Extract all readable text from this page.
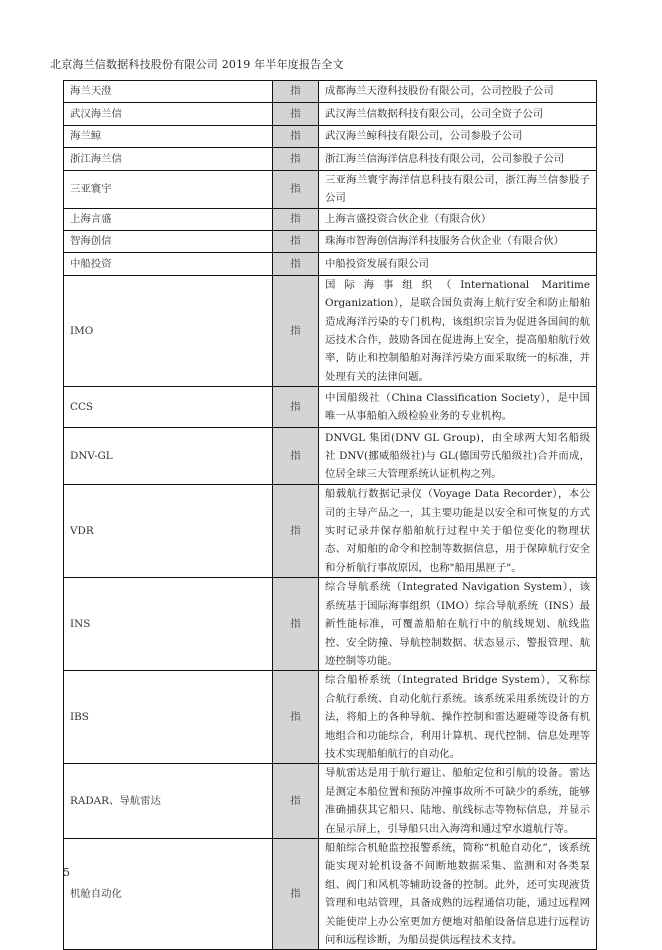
北京海兰信数据科技股份有限公司 2019 年半年度报告全文
海兰天澄	指	成都海兰天澄科技股份有限公司，公司控股子公司
武汉海兰信	指	武汉海兰信数据科技有限公司，公司全资子公司
海兰鲸	指	武汉海兰鲸科技有限公司，公司参股子公司
浙江海兰信	指	浙江海兰信海洋信息科技有限公司，公司参股子公司
三亚寰宇	指	三亚海兰寰宇海洋信息科技有限公司，浙江海兰信参股子公司
上海言盛	指	上海言盛投资合伙企业（有限合伙）
智海创信	指	珠海市智海创信海洋科技服务合伙企业（有限合伙）
中船投资	指	中船投资发展有限公司
IMO	指	国际海事组织（International Maritime Organization），是联合国负责海上航行安全和防止船舶造成海洋污染的专门机构，该组织宗旨为促进各国间的航运技术合作，鼓励各国在促进海上安全，提高船舶航行效率，防止和控制船舶对海洋污染方面采取统一的标准，并处理有关的法律问题。
CCS	指	中国船级社（China Classification Society），是中国唯一从事船舶入级检验业务的专业机构。
DNV-GL	指	DNVGL 集团(DNV GL Group)，由全球两大知名船级社 DNV(挪威船级社)与 GL(德国劳氏船级社)合并而成，位居全球三大管理系统认证机构之列。
VDR	指	船载航行数据记录仪（Voyage Data Recorder），本公司的主导产品之一，其主要功能是以安全和可恢复的方式实时记录并保存船舶航行过程中关于船位变化的物理状态、对船舶的命令和控制等数据信息，用于保障航行安全和分析航行事故原因，也称"船用黑匣子"。
INS	指	综合导航系统（Integrated Navigation System），该系统基于国际海事组织（IMO）综合导航系统（INS）最新性能标准，可覆盖船舶在航行中的航线规划、航线监控、安全防撞、导航控制数据、状态显示、警报管理、航迹控制等功能。
IBS	指	综合船桥系统（Integrated Bridge System），又称综合航行系统、自动化航行系统。该系统采用系统设计的方法，将船上的各种导航、操作控制和雷达避碰等设备有机地组合和功能综合，利用计算机、现代控制、信息处理等技术实现船舶航行的自动化。
RADAR、导航雷达	指	导航雷达是用于航行避让、船舶定位和引航的设备。雷达是测定本船位置和预防冲撞事故所不可缺少的系统，能够准确捕获其它船只、陆地、航线标志等物标信息，并显示在显示屏上，引导船只出入海湾和通过窄水道航行等。
机舱自动化	指	船舶综合机舱监控报警系统，简称“机舱自动化”，该系统能实现对轮机设备不间断地数据采集、监测和对各类泵组、阀门和风机等辅助设备的控制。此外，还可实现液货管理和电站管理，具备成熟的远程通信功能，通过远程网关能使岸上办公室更加方便地对船舶设备信息进行远程访问和远程诊断，为船员提供远程技术支持。
5
